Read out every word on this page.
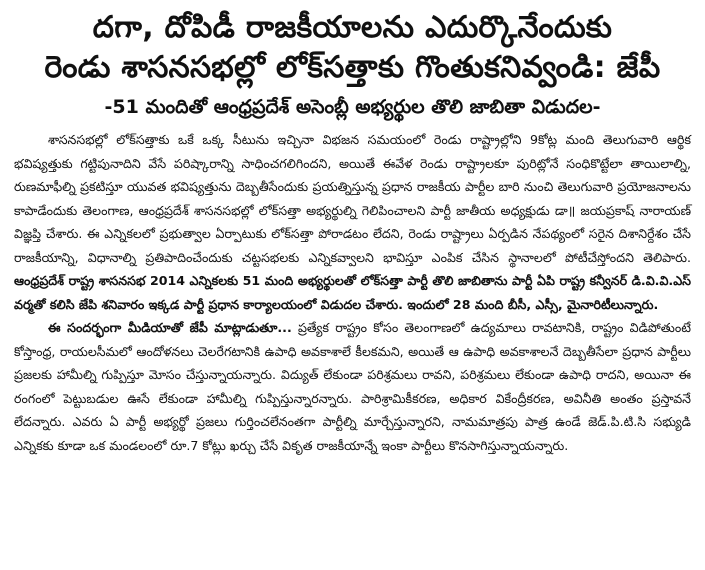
దగా, దోపిడీ రాజకీయాలను ఎదుర్కొనేందుకు
రెండు శాసనసభల్లో లోక్‌సత్తాకు గొంతుకనివ్వండి: జేపీ
-51 మందితో ఆంధ్రప్రదేశ్ అసెంబ్లీ అభ్యర్థుల తొలి జాబితా విడుదల-

శాసనసభల్లో లోక్‌సత్తాకు ఒకే ఒక్క సీటును ఇచ్చినా విభజన సమయంలో రెండు రాష్ట్రాల్లోని 9కోట్ల మంది తెలుగువారి ఆర్థిక భవిష్యత్తుకు గట్టిపునాదిని వేసే పరిష్కారాన్ని సాధించగలిగిందని, అయితే ఈవేళ రెండు రాష్ట్రాలకూ పురిట్లోనే సంధికొట్టేలా తాయిలాల్ని, రుణమాఫీల్ని ప్రకటిస్తూ యువత భవిష్యత్తును దెబ్బతీసేందుకు ప్రయత్నిస్తున్న ప్రధాన రాజకీయ పార్టీల బారి నుంచి తెలుగువారి ప్రయోజనాలను కాపాడేందుకు తెలంగాణ, ఆంధ్రప్రదేశ్ శాసనసభల్లో లోక్‌సత్తా అభ్యర్థుల్ని గెలిపించాలని పార్టీ జాతీయ అధ్యక్షుడు డా॥ జయప్రకాష్ నారాయణ్ విజ్ఞప్తి చేశారు. ఈ ఎన్నికలలో ప్రభుత్వాల ఏర్పాటుకు లోక్‌సత్తా పోరాడటం లేదని, రెండు రాష్ట్రాలు ఏర్పడిన నేపథ్యంలో సరైన దిశానిర్దేశం చేసే రాజకీయాన్ని, విధానాల్ని ప్రతిపాదించేందుకు చట్టసభలకు ఎన్నికవ్వాలని భావిస్తూ ఎంపిక చేసిన స్థానాలలో పోటీచేస్తోందని తెలిపారు. ఆంధ్రప్రదేశ్ రాష్ట్ర శాసనసభ 2014 ఎన్నికలకు 51 మంది అభ్యర్థులతో లోక్‌సత్తా పార్టీ తొలి జాబితాను పార్టీ ఏపి రాష్ట్ర కన్వీనర్ డి.వి.వి.ఎస్ వర్మతో కలిసి జేపి శనివారం ఇక్కడ పార్టీ ప్రధాన కార్యాలయంలో విడుదల చేశారు. ఇందులో 28 మంది బీసీ, ఎస్సీ, మైనారిటీలున్నారు.

ఈ సందర్భంగా మీడియాతో జేపీ మాట్లాడుతూ... ప్రత్యేక రాష్ట్రం కోసం తెలంగాణలో ఉద్యమాలు రావటానికి, రాష్ట్రం విడిపోతుంటే కోస్తాంధ్ర, రాయలసీమలో ఆందోళనలు చెలరేగటానికి ఉపాధి అవకాశాలే కీలకమని, అయితే ఆ ఉపాధి అవకాశాలనే దెబ్బతీసేలా ప్రధాన పార్టీలు ప్రజలకు హామీల్ని గుప్పిస్తూ మోసం చేస్తున్నాయన్నారు. విద్యుత్ లేకుండా పరిశ్రమలు రావని, పరిశ్రమలు లేకుండా ఉపాధి రాదని, అయినా ఈ రంగంలో పెట్టుబడుల ఊసే లేకుండా హామీల్ని గుప్పిస్తున్నారన్నారు. పారిశ్రామికీకరణ, అధికార వికేంద్రీకరణ, అవినీతి అంతం ప్రస్తావనే లేదన్నారు. ఎవరు ఏ పార్టీ అభ్యర్థో ప్రజలు గుర్తించలేనంతగా పార్టీల్ని మార్చేస్తున్నారని, నామమాత్రపు పాత్ర ఉండే జెడ్.పి.టి.సి సభ్యుడి ఎన్నికకు కూడా ఒక మండలంలో రూ.7 కోట్లు ఖర్చు చేసే వికృత రాజకీయాన్నే ఇంకా పార్టీలు కొనసాగిస్తున్నాయన్నారు.
